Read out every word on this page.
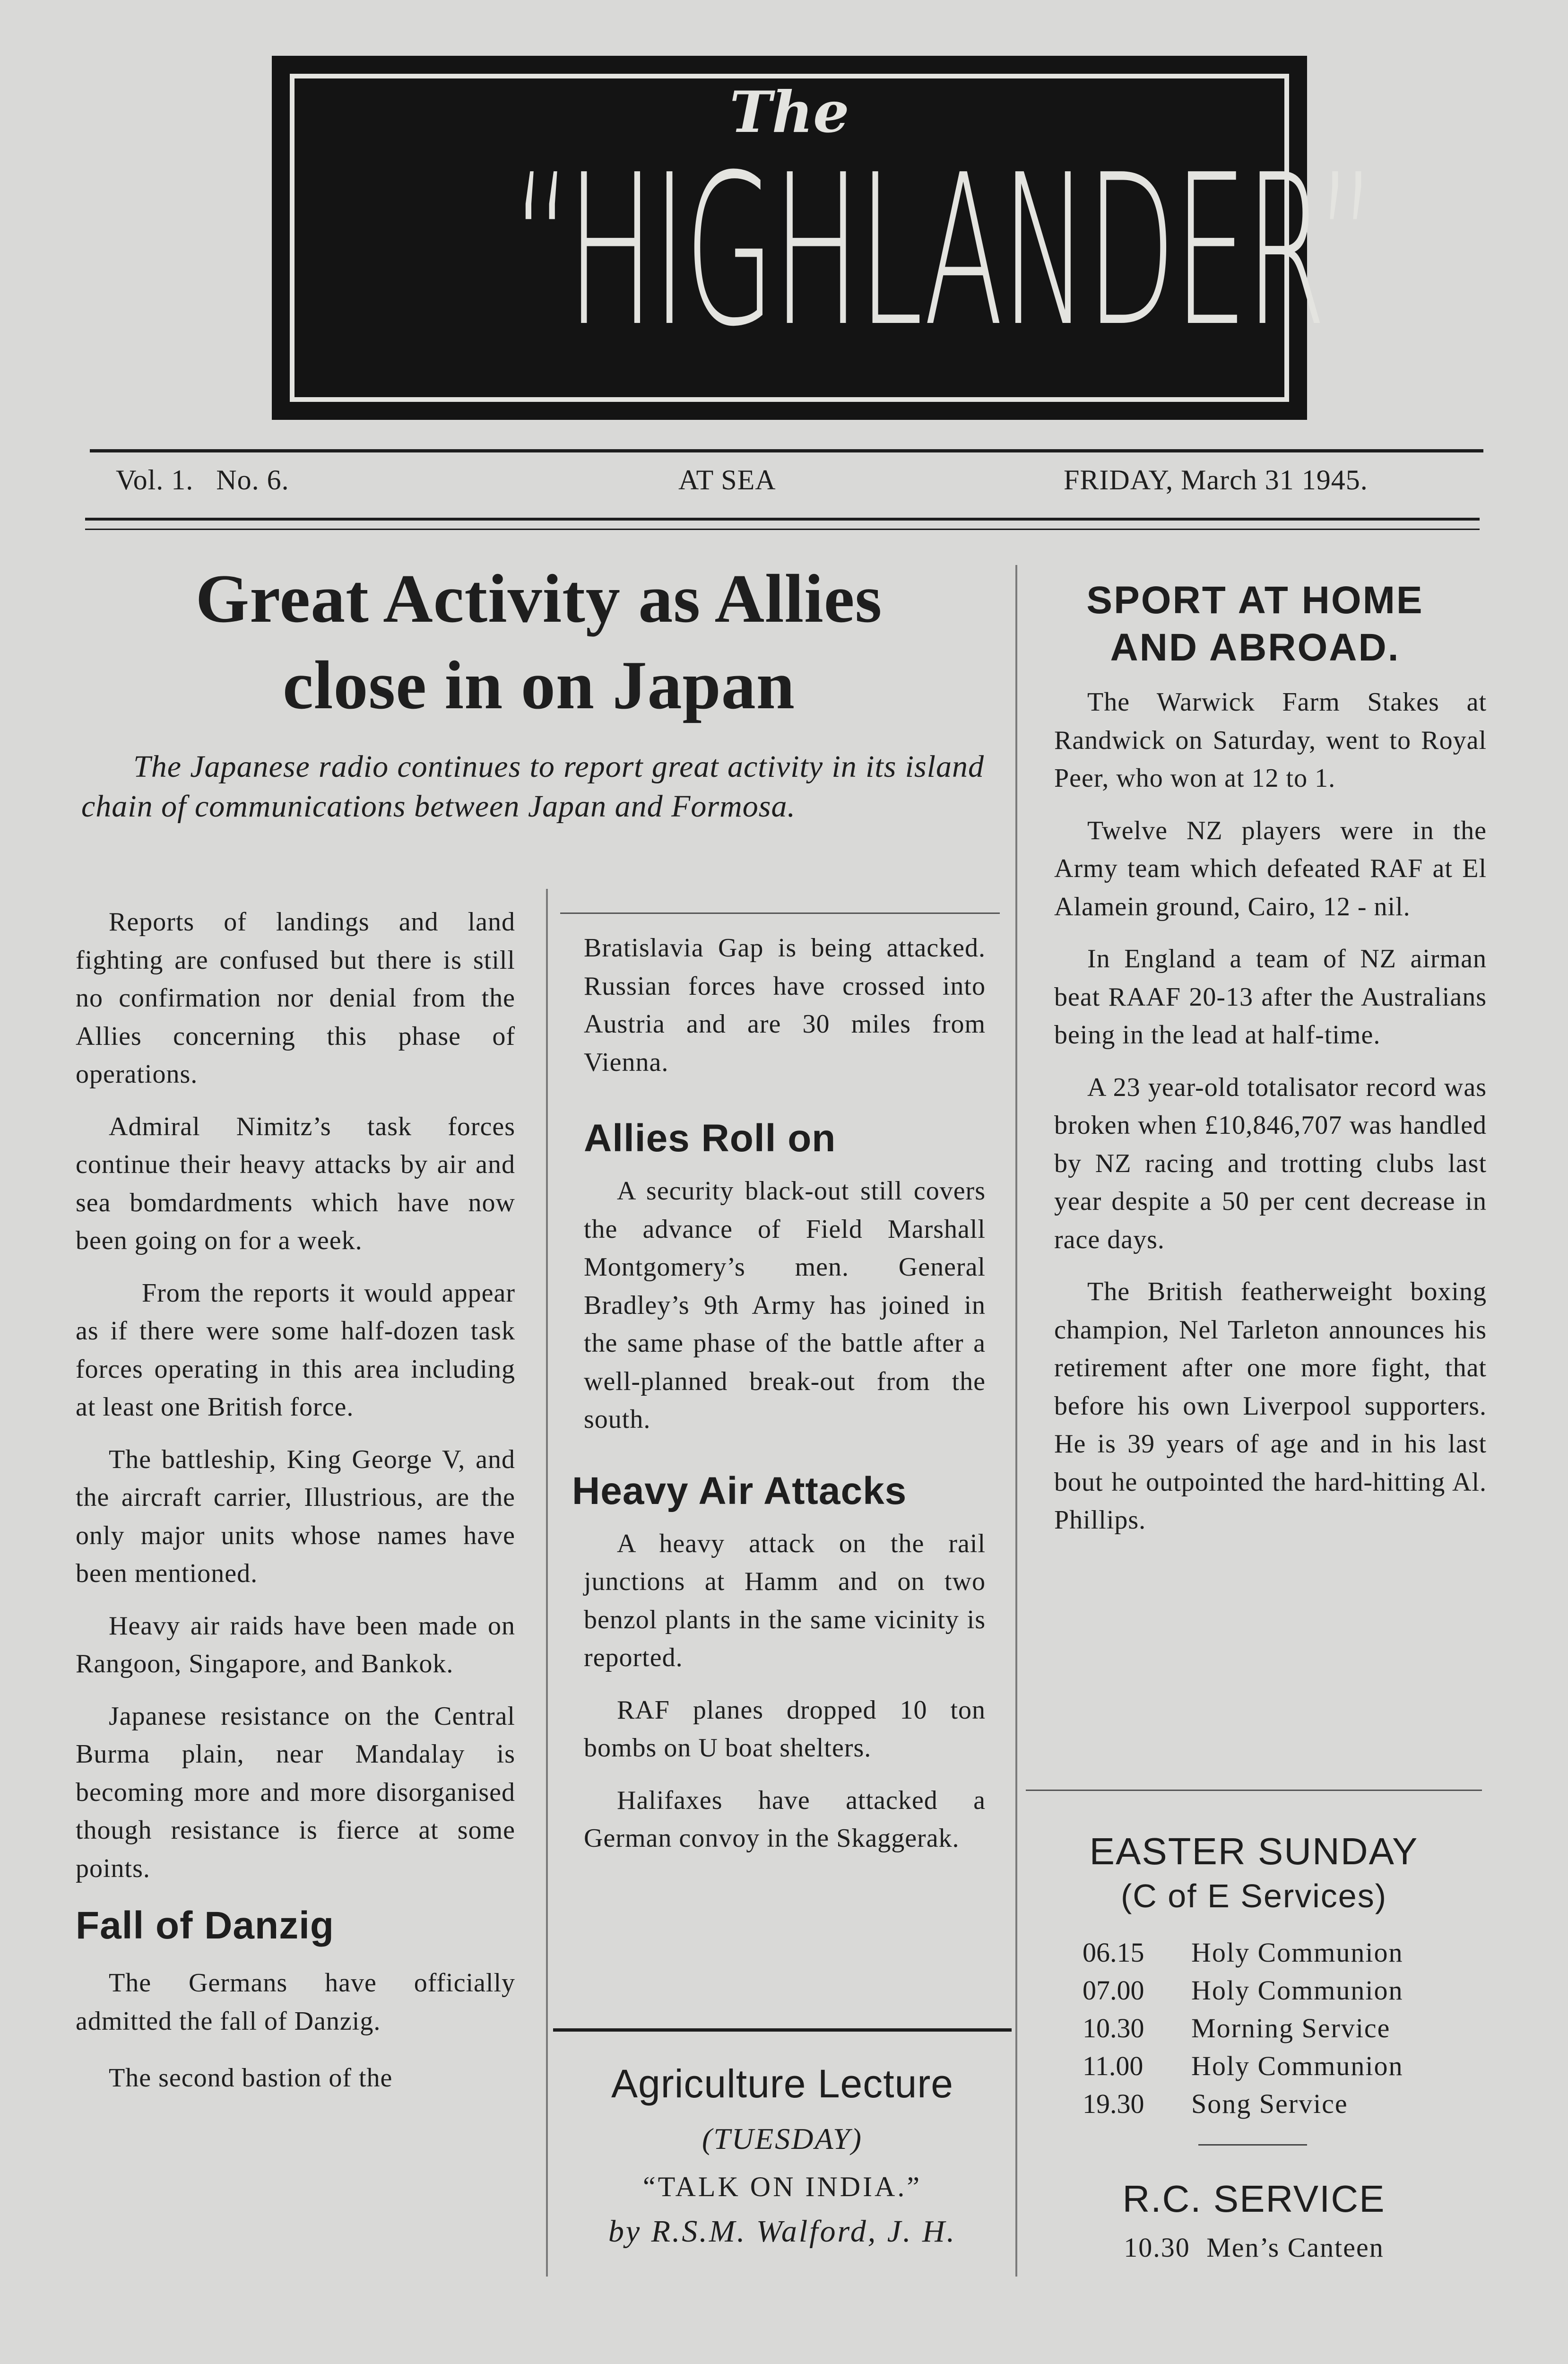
The
“HIGHLANDER”
Vol. 1.   No. 6.	AT SEA	FRIDAY, March 31 1945.
Great Activity as Allies
close in on Japan
The Japanese radio continues to report great activity in its island chain of communications between Japan and Formosa.

Reports of landings and land fighting are confused but there is still no confirmation nor denial from the Allies concerning this phase of operations.

Admiral Nimitz’s task forces continue their heavy attacks by air and sea bomdardments which have now been going on for a week.

From the reports it would appear as if there were some half-dozen task forces operating in this area including at least one British force.

The battleship, King George V, and the aircraft carrier, Illustrious, are the only major units whose names have been mentioned.

Heavy air raids have been made on Rangoon, Singapore, and Bankok.

Japanese resistance on the Central Burma plain, near Mandalay is becoming more and more disorganised though resistance is fierce at some points.

Fall of Danzig

The Germans have officially admitted the fall of Danzig.

The second bastion of the

Bratislavia Gap is being attacked. Russian forces have crossed into Austria and are 30 miles from Vienna.

Allies Roll on

A security black-out still covers the advance of Field Marshall Montgomery’s men. General Bradley’s 9th Army has joined in the same phase of the battle after a well-planned break-out from the south.

Heavy Air Attacks

A heavy attack on the rail junctions at Hamm and on two benzol plants in the same vicinity is reported.

RAF planes dropped 10 ton bombs on U boat shelters.

Halifaxes have attacked a German convoy in the Skaggerak.

Agriculture Lecture
(TUESDAY)
“TALK ON INDIA.”
by R.S.M. Walford, J. H.
SPORT AT HOME
AND ABROAD.

The Warwick Farm Stakes at Randwick on Saturday, went to Royal Peer, who won at 12 to 1.

Twelve NZ players were in the Army team which defeated RAF at El Alamein ground, Cairo, 12 - nil.

In England a team of NZ airman beat RAAF 20-13 after the Australians being in the lead at half-time.

A 23 year-old totalisator record was broken when £10,846,707 was handled by NZ racing and trotting clubs last year despite a 50 per cent decrease in race days.

The British featherweight boxing champion, Nel Tarleton announces his retirement after one more fight, that before his own Liverpool supporters. He is 39 years of age and in his last bout he outpointed the hard-hitting Al. Phillips.

EASTER SUNDAY
(C of E Services)
06.15	Holy Communion
07.00	Holy Communion
10.30	Morning Service
11.00	Holy Communion
19.30	Song Service
R.C. SERVICE
10.30 Men’s Canteen
